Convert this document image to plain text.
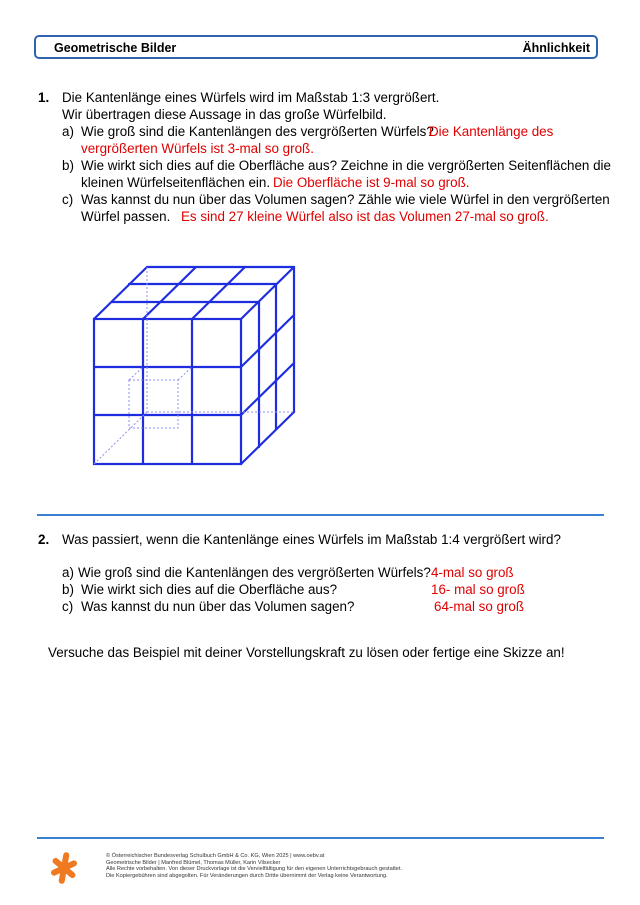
Geometrische Bilder	Ähnlichkeit
1. Die Kantenlänge eines Würfels wird im Maßstab 1:3 vergrößert.
Wir übertragen diese Aussage in das große Würfelbild.
a) Wie groß sind die Kantenlängen des vergrößerten Würfels?
Die Kantenlänge des
vergrößerten Würfels ist 3-mal so groß.
b) Wie wirkt sich dies auf die Oberfläche aus? Zeichne in die vergrößerten Seitenflächen die
kleinen Würfelseitenflächen ein. Die Oberfläche ist 9-mal so groß.
c) Was kannst du nun über das Volumen sagen? Zähle wie viele Würfel in den vergrößerten
Würfel passen. Es sind 27 kleine Würfel also ist das Volumen 27-mal so groß.
2. Was passiert, wenn die Kantenlänge eines Würfels im Maßstab 1:4 vergrößert wird?
a) Wie groß sind die Kantenlängen des vergrößerten Würfels? 4-mal so groß
b) Wie wirkt sich dies auf die Oberfläche aus?	16- mal so groß
c) Was kannst du nun über das Volumen sagen?	64-mal so groß
Versuche das Beispiel mit deiner Vorstellungskraft zu lösen oder fertige eine Skizze an!
© Österreichischer Bundesverlag Schulbuch GmbH & Co. KG, Wien 2025 | www.oebv.at
Geometrische Bilder | Manfred Blümel, Thomas Müller, Karin Vilsecker
Alle Rechte vorbehalten. Von dieser Druckvorlage ist die Vervielfältigung für den eigenen Unterrichtsgebrauch gestattet.
Die Kopiergebühren sind abgegolten. Für Veränderungen durch Dritte übernimmt der Verlag keine Verantwortung.
